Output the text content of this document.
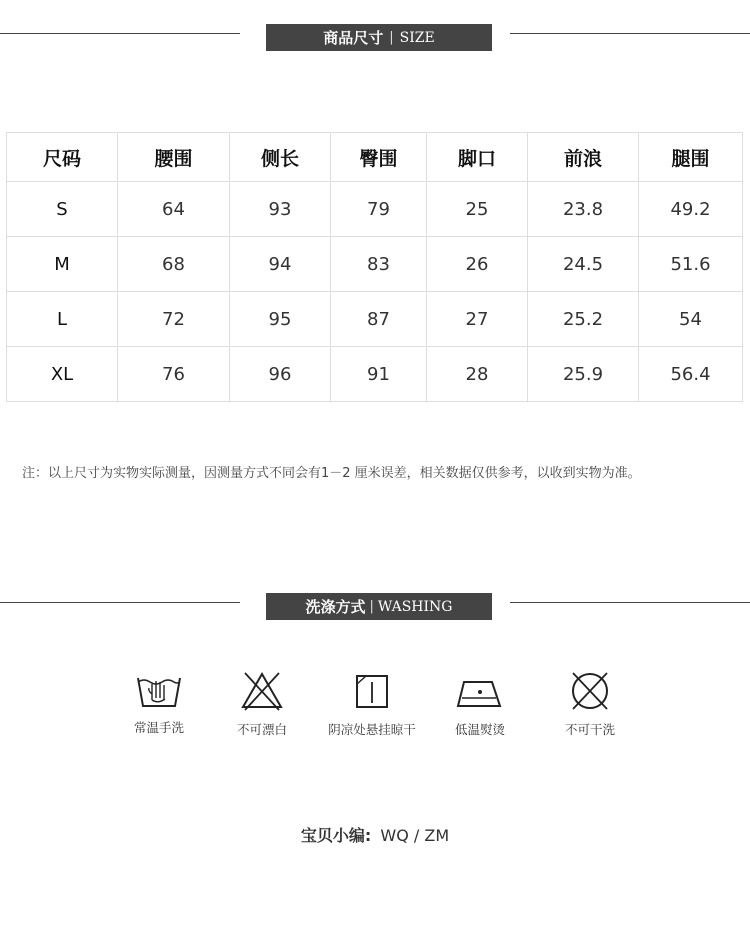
商品尺寸 | SIZE
尺码	腰围	侧长	臀围	脚口	前浪	腿围
S	64	93	79	25	23.8	49.2
M	68	94	83	26	24.5	51.6
L	72	95	87	27	25.2	54
XL	76	96	91	28	25.9	56.4
注：以上尺寸为实物实际测量，因测量方式不同会有1－2 厘米误差，相关数据仅供参考，以收到实物为准。
洗涤方式 | WASHING
常温手洗	不可漂白	阴凉处悬挂晾干	低温熨烫	不可干洗
宝贝小编: WQ / ZM
